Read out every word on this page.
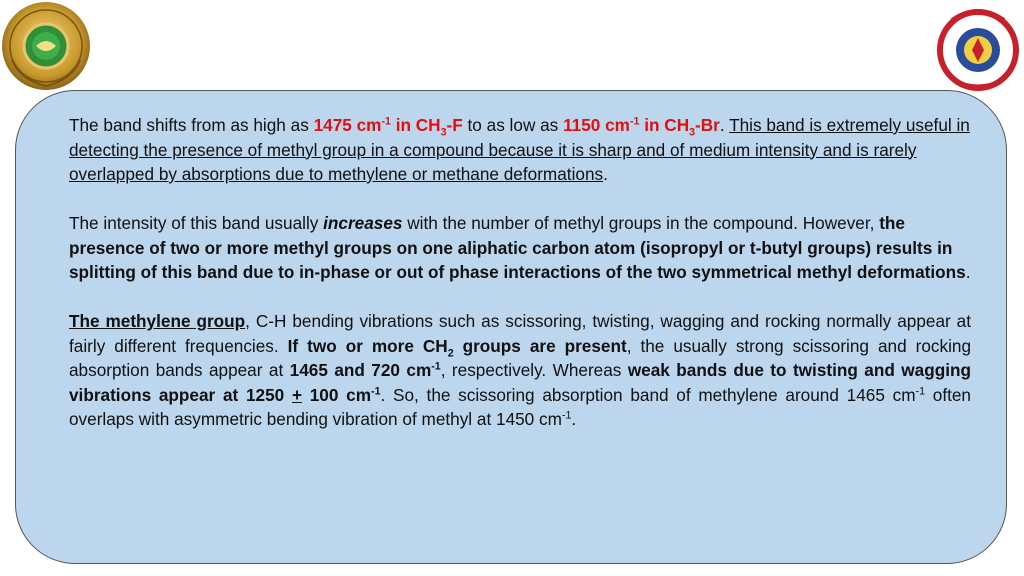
The band shifts from as high as 1475 $cm^{-1}$ in $CH_3-F$ to as low as 1150 $cm^{-1}$ in $CH_3-Br$. This band is extremely useful in detecting the presence of methyl group in a compound because it is sharp and of medium intensity and is rarely overlapped by absorptions due to methylene or methane deformations.

The intensity of this band usually increases with the number of methyl groups in the compound. However, the presence of two or more methyl groups on one aliphatic carbon atom (isopropyl or t-butyl groups) results in splitting of this band due to in-phase or out of phase interactions of the two symmetrical methyl deformations.

The methylene group, C-H bending vibrations such as scissoring, twisting, wagging and rocking normally appear at fairly different frequencies. If two or more $CH_2$ groups are present, the usually strong scissoring and rocking absorption bands appear at 1465 and 720 $cm^{-1}$, respectively. Whereas weak bands due to twisting and wagging vibrations appear at 1250 + 100 $cm^{-1}$. So, the scissoring absorption band of methylene around 1465 $cm^{-1}$ often overlaps with asymmetric bending vibration of methyl at 1450 $cm^{-1}$.
